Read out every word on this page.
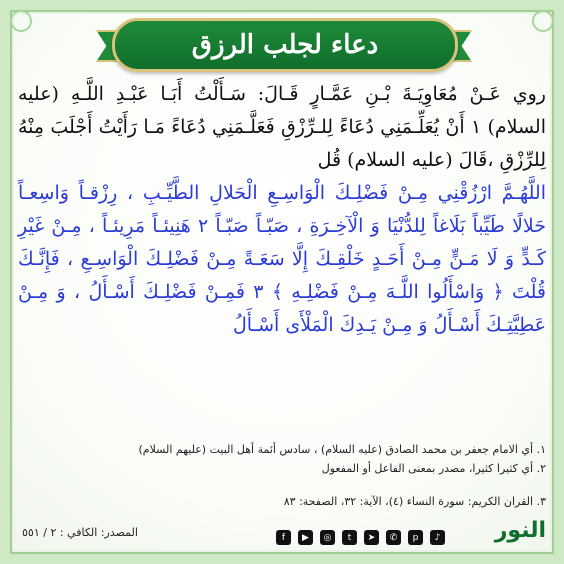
دعاء لجلب الرزق
روي عَـنْ مُعَاوِيَـةَ بْـنِ عَمَّـارٍ قَـالَ: سَـأَلْتُ أَبَـا عَبْـدِ اللَّـهِ (عليه السلام) ١ أَنْ يُعَلِّـمَنِي دُعَاءً لِلـرِّزْقِ فَعَلَّـمَنِي دُعَاءً مَـا رَأَيْتُ أَجْلَبَ مِنْهُ لِلرِّزْقِ ،قَالَ (عليه السلام) قُل
اللَّهُـمَّ ارْزُقْنِي مِـنْ فَضْلِـكَ الْوَاسِـعِ الْحَلالِ الطَّيِّـبِ ، رِزْقـاً وَاسِعـاً حَلالًا طَيِّباً بَلَاغاً لِلدُّنْيَا وَ الْآخِـرَةِ ، صَبّـاً صَبّـاً ٢ هَنِيئـاً مَرِيئـاً ، مِـنْ غَيْرِ كَـدٍّ وَ لَا مَـنٍّ مِـنْ أَحَـدٍ خَلْقِـكَ إِلَّا سَعَـةً مِـنْ فَضْلِـكَ الْوَاسِـعِ ، فَإِنَّـكَ قُلْتَ ﴿ وَاسْأَلُوا اللَّـهَ مِـنْ فَضْلِـهِ ﴾ ٣ فَمِـنْ فَضْلِـكَ أَسْـأَلُ ، وَ مِـنْ عَطِيَّتِـكَ أَسْـأَلُ وَ مِـنْ يَـدِكَ الْمَلْأَى أَسْـأَلُ
١. أي الامام جعفر بن محمد الصادق (عليه السلام) ، سادس أئمة أهل البيت (عليهم السلام)
٢. أي كثيرا كثيرا، مصدر بمعنى الفاعل أو المفعول
٣. القران الكريم: سورة النساء (٤)، الآية: ٣٢، الصفحة: ٨٣
النور
f	▶	◎	t	➤	✆	p	♪
المصدر: الكافي : ٢ / ٥٥١
